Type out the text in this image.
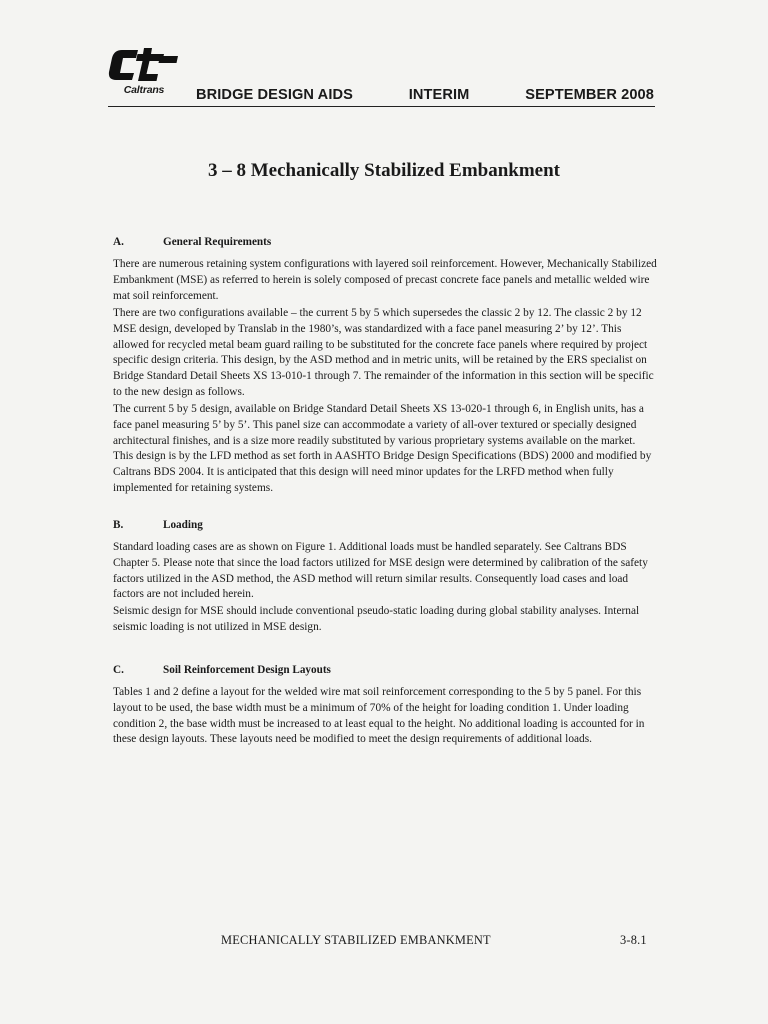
Caltrans	BRIDGE DESIGN AIDS	INTERIM	SEPTEMBER 2008
3 – 8 Mechanically Stabilized Embankment
A.	General Requirements

There are numerous retaining system configurations with layered soil reinforcement. However, Mechanically Stabilized Embankment (MSE) as referred to herein is solely composed of precast concrete face panels and metallic welded wire mat soil reinforcement.

There are two configurations available – the current 5 by 5 which supersedes the classic 2 by 12. The classic 2 by 12 MSE design, developed by Translab in the 1980’s, was standardized with a face panel measuring 2’ by 12’. This allowed for recycled metal beam guard railing to be substituted for the concrete face panels where required by project specific design criteria. This design, by the ASD method and in metric units, will be retained by the ERS specialist on Bridge Standard Detail Sheets XS 13-010-1 through 7. The remainder of the information in this section will be specific to the new design as follows.

The current 5 by 5 design, available on Bridge Standard Detail Sheets XS 13-020-1 through 6, in English units, has a face panel measuring 5’ by 5’. This panel size can accommodate a variety of all-over textured or specially designed architectural finishes, and is a size more readily substituted by various proprietary systems available on the market. This design is by the LFD method as set forth in AASHTO Bridge Design Specifications (BDS) 2000 and modified by Caltrans BDS 2004. It is anticipated that this design will need minor updates for the LRFD method when fully implemented for retaining systems.

B.	Loading

Standard loading cases are as shown on Figure 1. Additional loads must be handled separately. See Caltrans BDS Chapter 5. Please note that since the load factors utilized for MSE design were determined by calibration of the safety factors utilized in the ASD method, the ASD method will return similar results. Consequently load cases and load factors are not included herein.

Seismic design for MSE should include conventional pseudo-static loading during global stability analyses. Internal seismic loading is not utilized in MSE design.

C.	Soil Reinforcement Design Layouts

Tables 1 and 2 define a layout for the welded wire mat soil reinforcement corresponding to the 5 by 5 panel. For this layout to be used, the base width must be a minimum of 70% of the height for loading condition 1. Under loading condition 2, the base width must be increased to at least equal to the height. No additional loading is accounted for in these design layouts. These layouts need be modified to meet the design requirements of additional loads.

MECHANICALLY STABILIZED EMBANKMENT	3-8.1
